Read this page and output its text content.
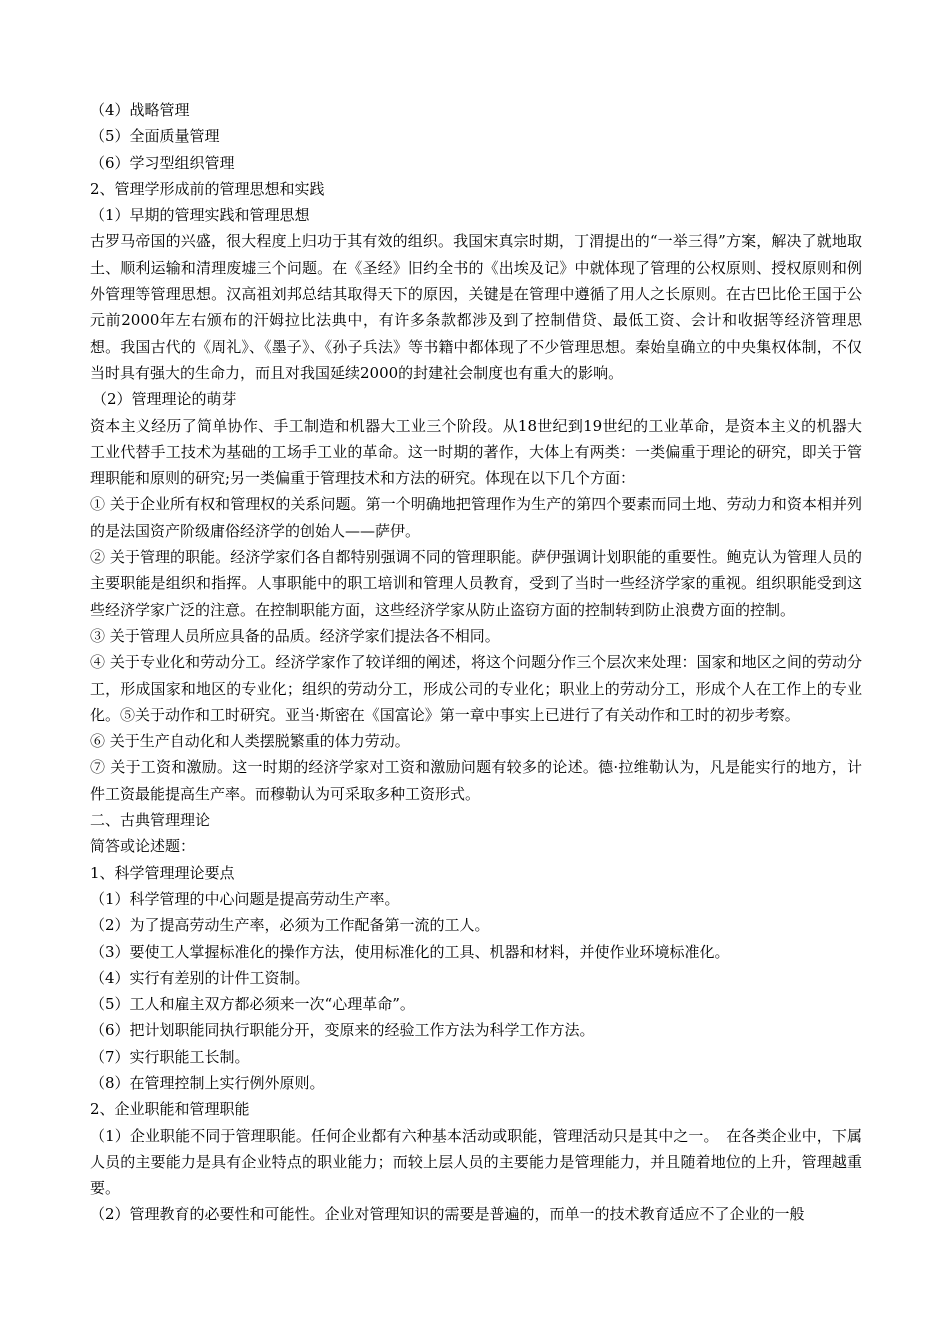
（4）战略管理
（5）全面质量管理
（6）学习型组织管理
2、管理学形成前的管理思想和实践
（1）早期的管理实践和管理思想
古罗马帝国的兴盛，很大程度上归功于其有效的组织。我国宋真宗时期，丁渭提出的“一举三得”方案，解决了就地取土、顺利运输和清理废墟三个问题。在《圣经》旧约全书的《出埃及记》中就体现了管理的公权原则、授权原则和例外管理等管理思想。汉高祖刘邦总结其取得天下的原因，关键是在管理中遵循了用人之长原则。在古巴比伦王国于公元前2000年左右颁布的汗姆拉比法典中，有许多条款都涉及到了控制借贷、最低工资、会计和收据等经济管理思想。我国古代的《周礼》、《墨子》、《孙子兵法》等书籍中都体现了不少管理思想。秦始皇确立的中央集权体制，不仅当时具有强大的生命力，而且对我国延续2000的封建社会制度也有重大的影响。
（2）管理理论的萌芽
资本主义经历了简单协作、手工制造和机器大工业三个阶段。从18世纪到19世纪的工业革命，是资本主义的机器大工业代替手工技术为基础的工场手工业的革命。这一时期的著作，大体上有两类：一类偏重于理论的研究，即关于管理职能和原则的研究;另一类偏重于管理技术和方法的研究。体现在以下几个方面：
① 关于企业所有权和管理权的关系问题。第一个明确地把管理作为生产的第四个要素而同土地、劳动力和资本相并列的是法国资产阶级庸俗经济学的创始人——萨伊。
② 关于管理的职能。经济学家们各自都特别强调不同的管理职能。萨伊强调计划职能的重要性。鲍克认为管理人员的主要职能是组织和指挥。人事职能中的职工培训和管理人员教育，受到了当时一些经济学家的重视。组织职能受到这些经济学家广泛的注意。在控制职能方面，这些经济学家从防止盗窃方面的控制转到防止浪费方面的控制。
③ 关于管理人员所应具备的品质。经济学家们提法各不相同。
④ 关于专业化和劳动分工。经济学家作了较详细的阐述，将这个问题分作三个层次来处理：国家和地区之间的劳动分工，形成国家和地区的专业化；组织的劳动分工，形成公司的专业化；职业上的劳动分工，形成个人在工作上的专业化。⑤关于动作和工时研究。亚当·斯密在《国富论》第一章中事实上已进行了有关动作和工时的初步考察。
⑥ 关于生产自动化和人类摆脱繁重的体力劳动。
⑦ 关于工资和激励。这一时期的经济学家对工资和激励问题有较多的论述。德·拉维勒认为，凡是能实行的地方，计件工资最能提高生产率。而穆勒认为可采取多种工资形式。
二、古典管理理论
简答或论述题：
1、科学管理理论要点
（1）科学管理的中心问题是提高劳动生产率。
（2）为了提高劳动生产率，必须为工作配备第一流的工人。
（3）要使工人掌握标准化的操作方法，使用标准化的工具、机器和材料，并使作业环境标准化。
（4）实行有差别的计件工资制。
（5）工人和雇主双方都必须来一次“心理革命”。
（6）把计划职能同执行职能分开，变原来的经验工作方法为科学工作方法。
（7）实行职能工长制。
（8）在管理控制上实行例外原则。
2、企业职能和管理职能
（1）企业职能不同于管理职能。任何企业都有六种基本活动或职能，管理活动只是其中之一。　在各类企业中，下属人员的主要能力是具有企业特点的职业能力；而较上层人员的主要能力是管理能力，并且随着地位的上升，管理越重要。
（2）管理教育的必要性和可能性。企业对管理知识的需要是普遍的，而单一的技术教育适应不了企业的一般
